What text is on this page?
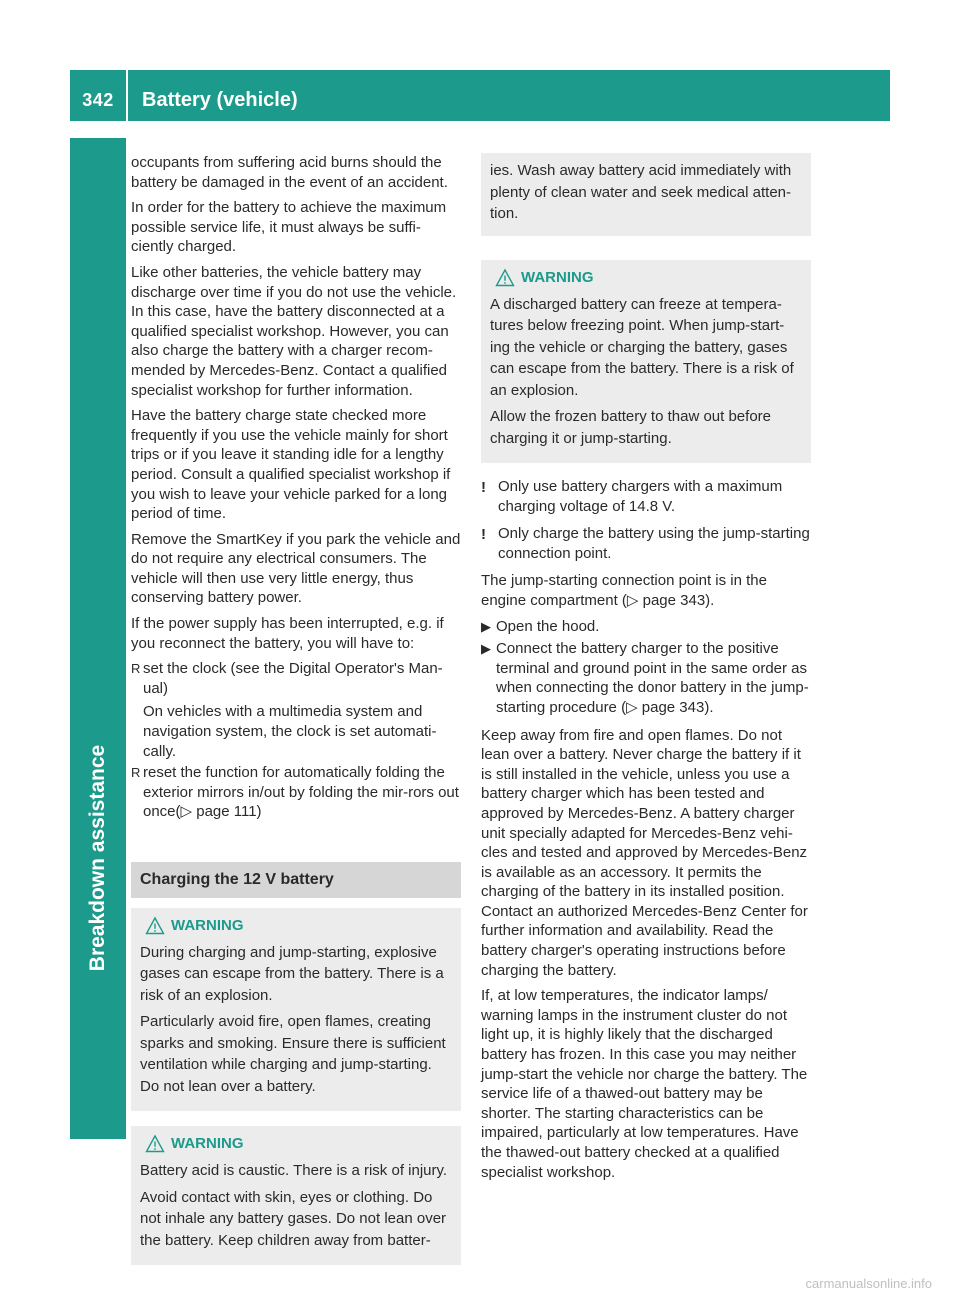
342	Battery (vehicle)
Breakdown assistance

occupants from suffering acid burns should the battery be damaged in the event of an accident.

In order for the battery to achieve the maximum possible service life, it must always be suffi-ciently charged.

Like other batteries, the vehicle battery may discharge over time if you do not use the vehicle. In this case, have the battery disconnected at a qualified specialist workshop. However, you can also charge the battery with a charger recom-mended by Mercedes-Benz. Contact a qualified specialist workshop for further information.

Have the battery charge state checked more frequently if you use the vehicle mainly for short trips or if you leave it standing idle for a lengthy period. Consult a qualified specialist workshop if you wish to leave your vehicle parked for a long period of time.

Remove the SmartKey if you park the vehicle and do not require any electrical consumers. The vehicle will then use very little energy, thus conserving battery power.

If the power supply has been interrupted, e.g. if you reconnect the battery, you will have to:

R set the clock (see the Digital Operator's Man-ual)
On vehicles with a multimedia system and navigation system, the clock is set automati-cally.
R reset the function for automatically folding the exterior mirrors in/out by folding the mir-rors out once(▷ page 111)
Charging the 12 V battery
WARNING

During charging and jump-starting, explosive gases can escape from the battery. There is a risk of an explosion.

Particularly avoid fire, open flames, creating sparks and smoking. Ensure there is sufficient ventilation while charging and jump-starting. Do not lean over a battery.

WARNING

Battery acid is caustic. There is a risk of injury.

Avoid contact with skin, eyes or clothing. Do not inhale any battery gases. Do not lean over the battery. Keep children away from batter-

ies. Wash away battery acid immediately with plenty of clean water and seek medical atten-tion.

WARNING

A discharged battery can freeze at tempera-tures below freezing point. When jump-start-ing the vehicle or charging the battery, gases can escape from the battery. There is a risk of an explosion.

Allow the frozen battery to thaw out before charging it or jump-starting.

! Only use battery chargers with a maximum charging voltage of 14.8 V.
! Only charge the battery using the jump-starting connection point.

The jump-starting connection point is in the engine compartment (▷ page 343).

▶ Open the hood.
▶ Connect the battery charger to the positive terminal and ground point in the same order as when connecting the donor battery in the jump-starting procedure (▷ page 343).

Keep away from fire and open flames. Do not lean over a battery. Never charge the battery if it is still installed in the vehicle, unless you use a battery charger which has been tested and approved by Mercedes-Benz. A battery charger unit specially adapted for Mercedes-Benz vehi-cles and tested and approved by Mercedes-Benz is available as an accessory. It permits the charging of the battery in its installed position. Contact an authorized Mercedes-Benz Center for further information and availability. Read the battery charger's operating instructions before charging the battery.

If, at low temperatures, the indicator lamps/ warning lamps in the instrument cluster do not light up, it is highly likely that the discharged battery has frozen. In this case you may neither jump-start the vehicle nor charge the battery. The service life of a thawed-out battery may be shorter. The starting characteristics can be impaired, particularly at low temperatures. Have the thawed-out battery checked at a qualified specialist workshop.

carmanualsonline.info
